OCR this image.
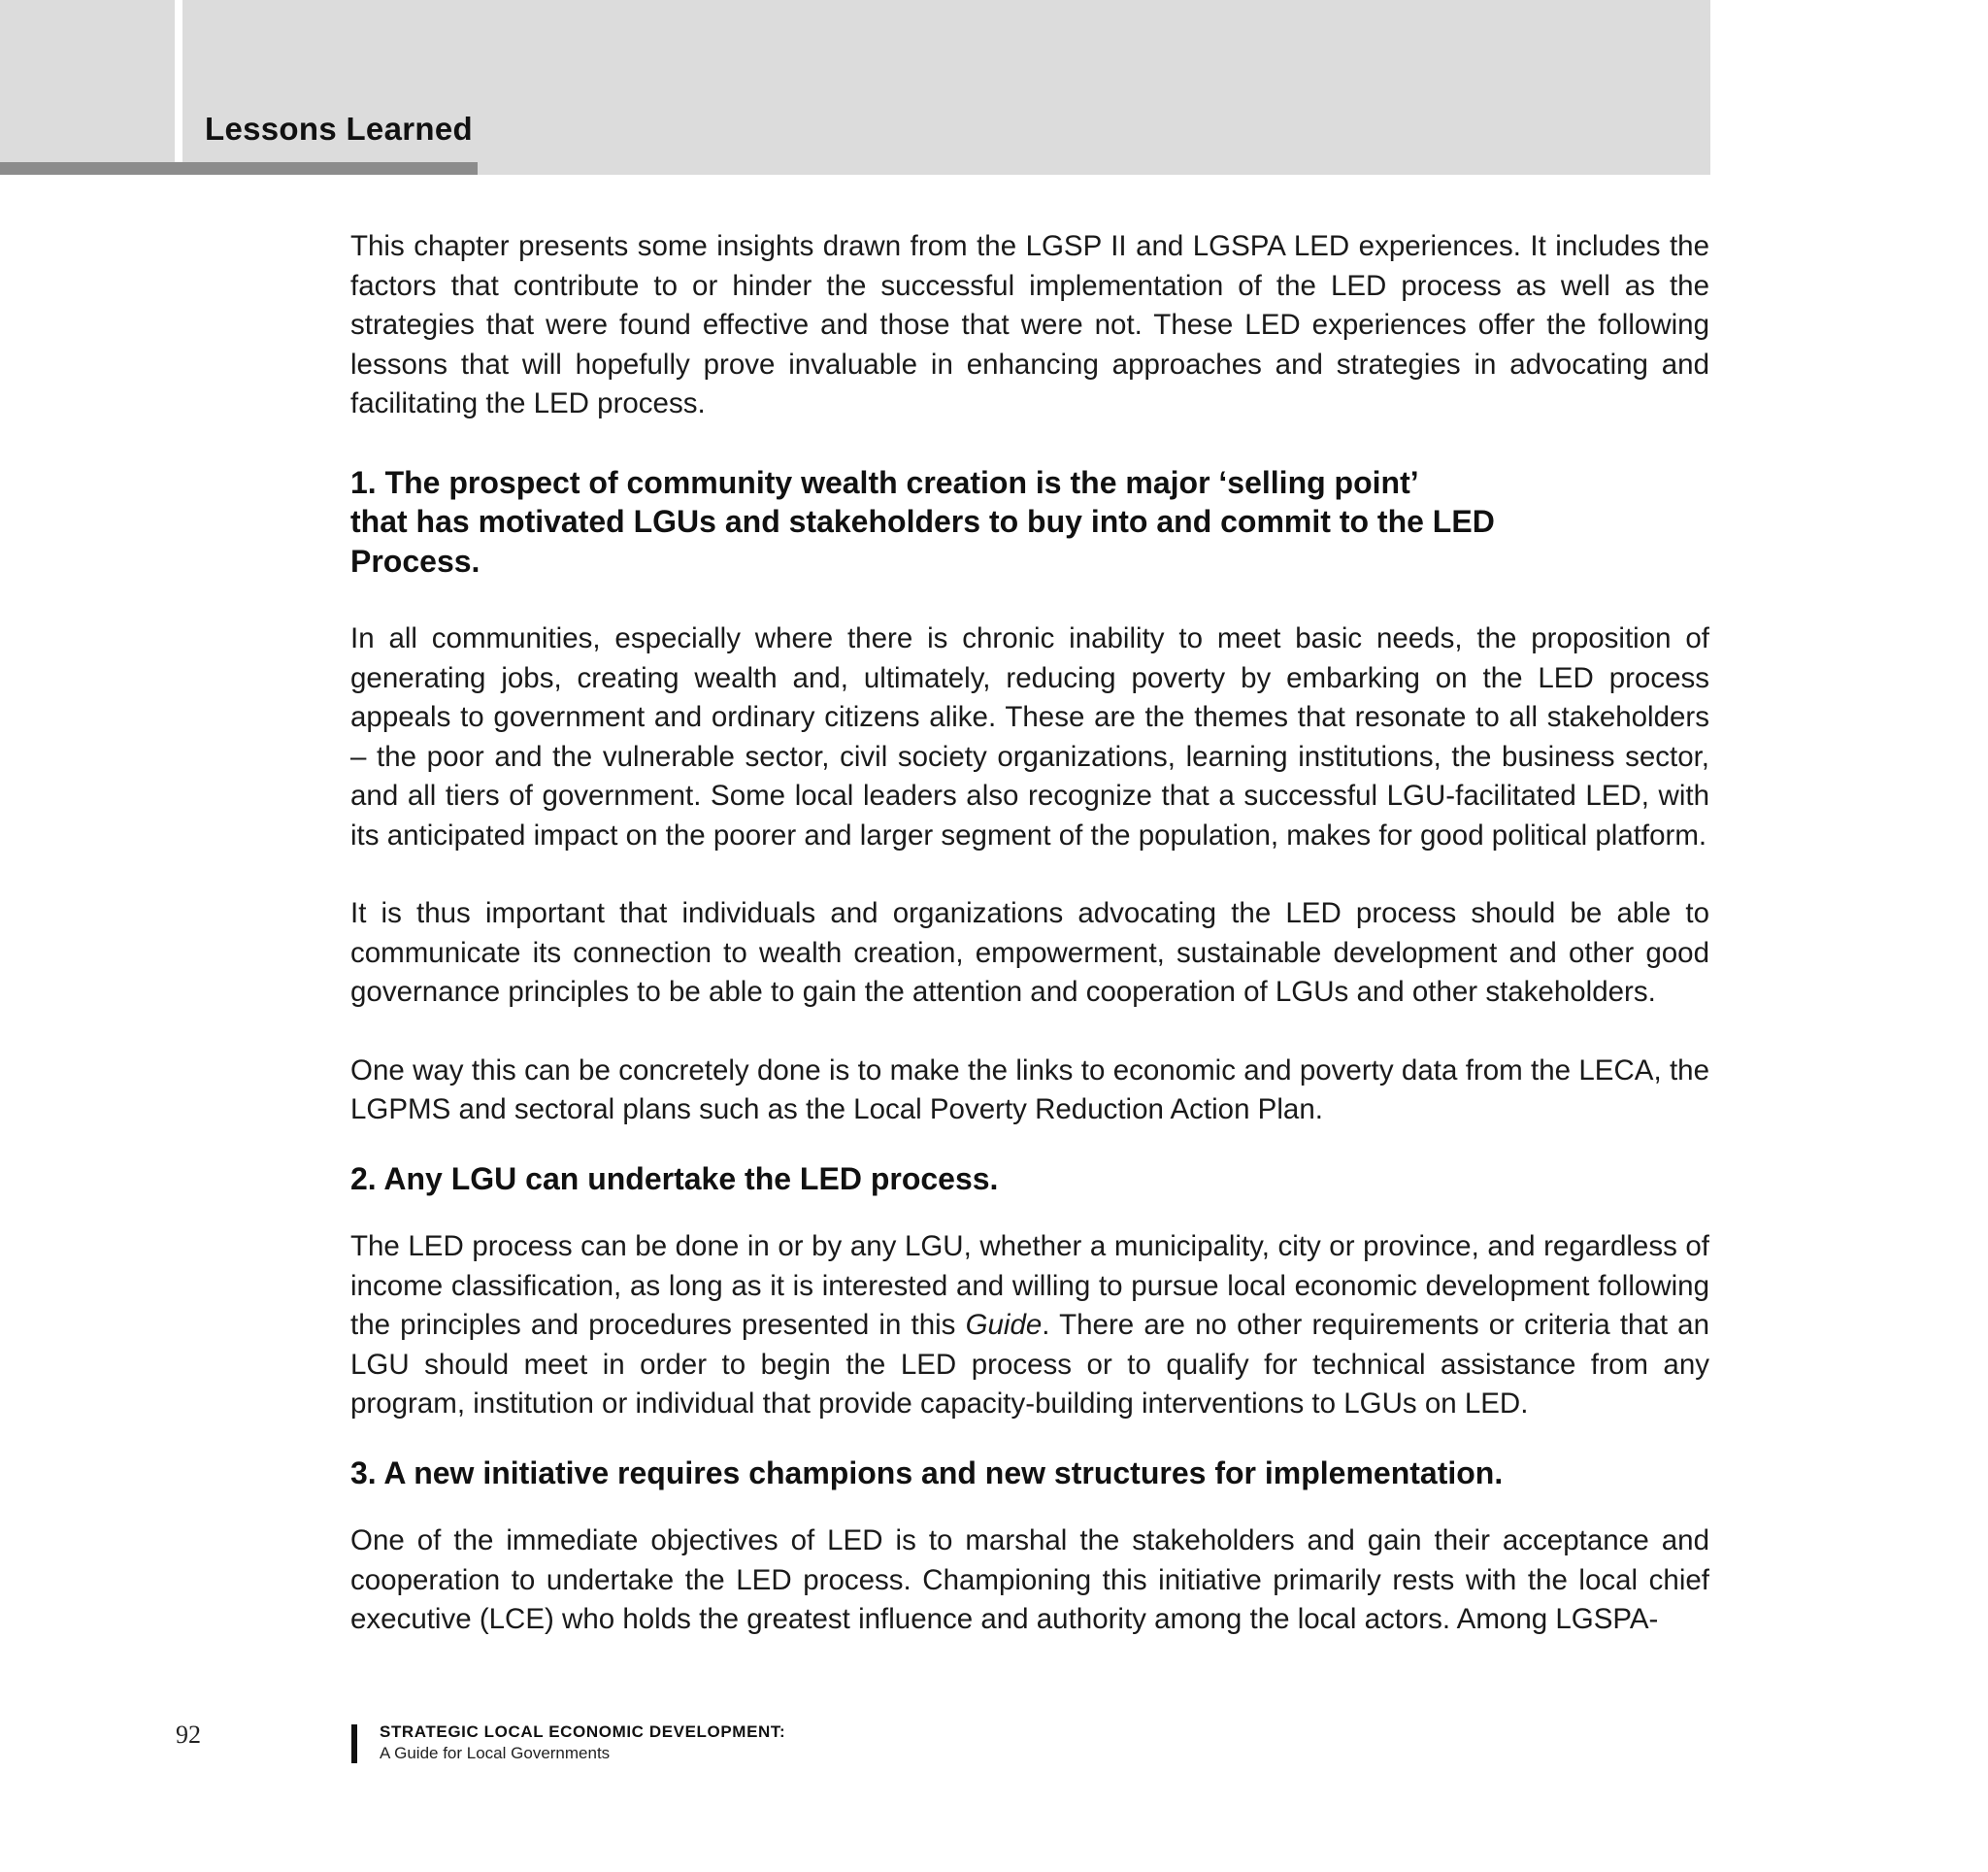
Lessons Learned

This chapter presents some insights drawn from the LGSP II and LGSPA LED experiences. It includes the factors that contribute to or hinder the successful implementation of the LED process as well as the strategies that were found effective and those that were not. These LED experiences offer the following lessons that will hopefully prove invaluable in enhancing approaches and strategies in advocating and facilitating the LED process.

1. The prospect of community wealth creation is the major ‘selling point’
that has motivated LGUs and stakeholders to buy into and commit to the LED
Process.

In all communities, especially where there is chronic inability to meet basic needs, the proposition of generating jobs, creating wealth and, ultimately, reducing poverty by embarking on the LED process appeals to government and ordinary citizens alike. These are the themes that resonate to all stakeholders – the poor and the vulnerable sector, civil society organizations, learning institutions, the business sector, and all tiers of government. Some local leaders also recognize that a successful LGU-facilitated LED, with its anticipated impact on the poorer and larger segment of the population, makes for good political platform.

It is thus important that individuals and organizations advocating the LED process should be able to communicate its connection to wealth creation, empowerment, sustainable development and other good governance principles to be able to gain the attention and cooperation of LGUs and other stakeholders.

One way this can be concretely done is to make the links to economic and poverty data from the LECA, the LGPMS and sectoral plans such as the Local Poverty Reduction Action Plan.

2. Any LGU can undertake the LED process.

The LED process can be done in or by any LGU, whether a municipality, city or province, and regardless of income classification, as long as it is interested and willing to pursue local economic development following the principles and procedures presented in this Guide. There are no other requirements or criteria that an LGU should meet in order to begin the LED process or to qualify for technical assistance from any program, institution or individual that provide capacity-building interventions to LGUs on LED.

3. A new initiative requires champions and new structures for implementation.

One of the immediate objectives of LED is to marshal the stakeholders and gain their acceptance and cooperation to undertake the LED process. Championing this initiative primarily rests with the local chief executive (LCE) who holds the greatest influence and authority among the local actors. Among LGSPA-

92	STRATEGIC LOCAL ECONOMIC DEVELOPMENT:
A Guide for Local Governments
